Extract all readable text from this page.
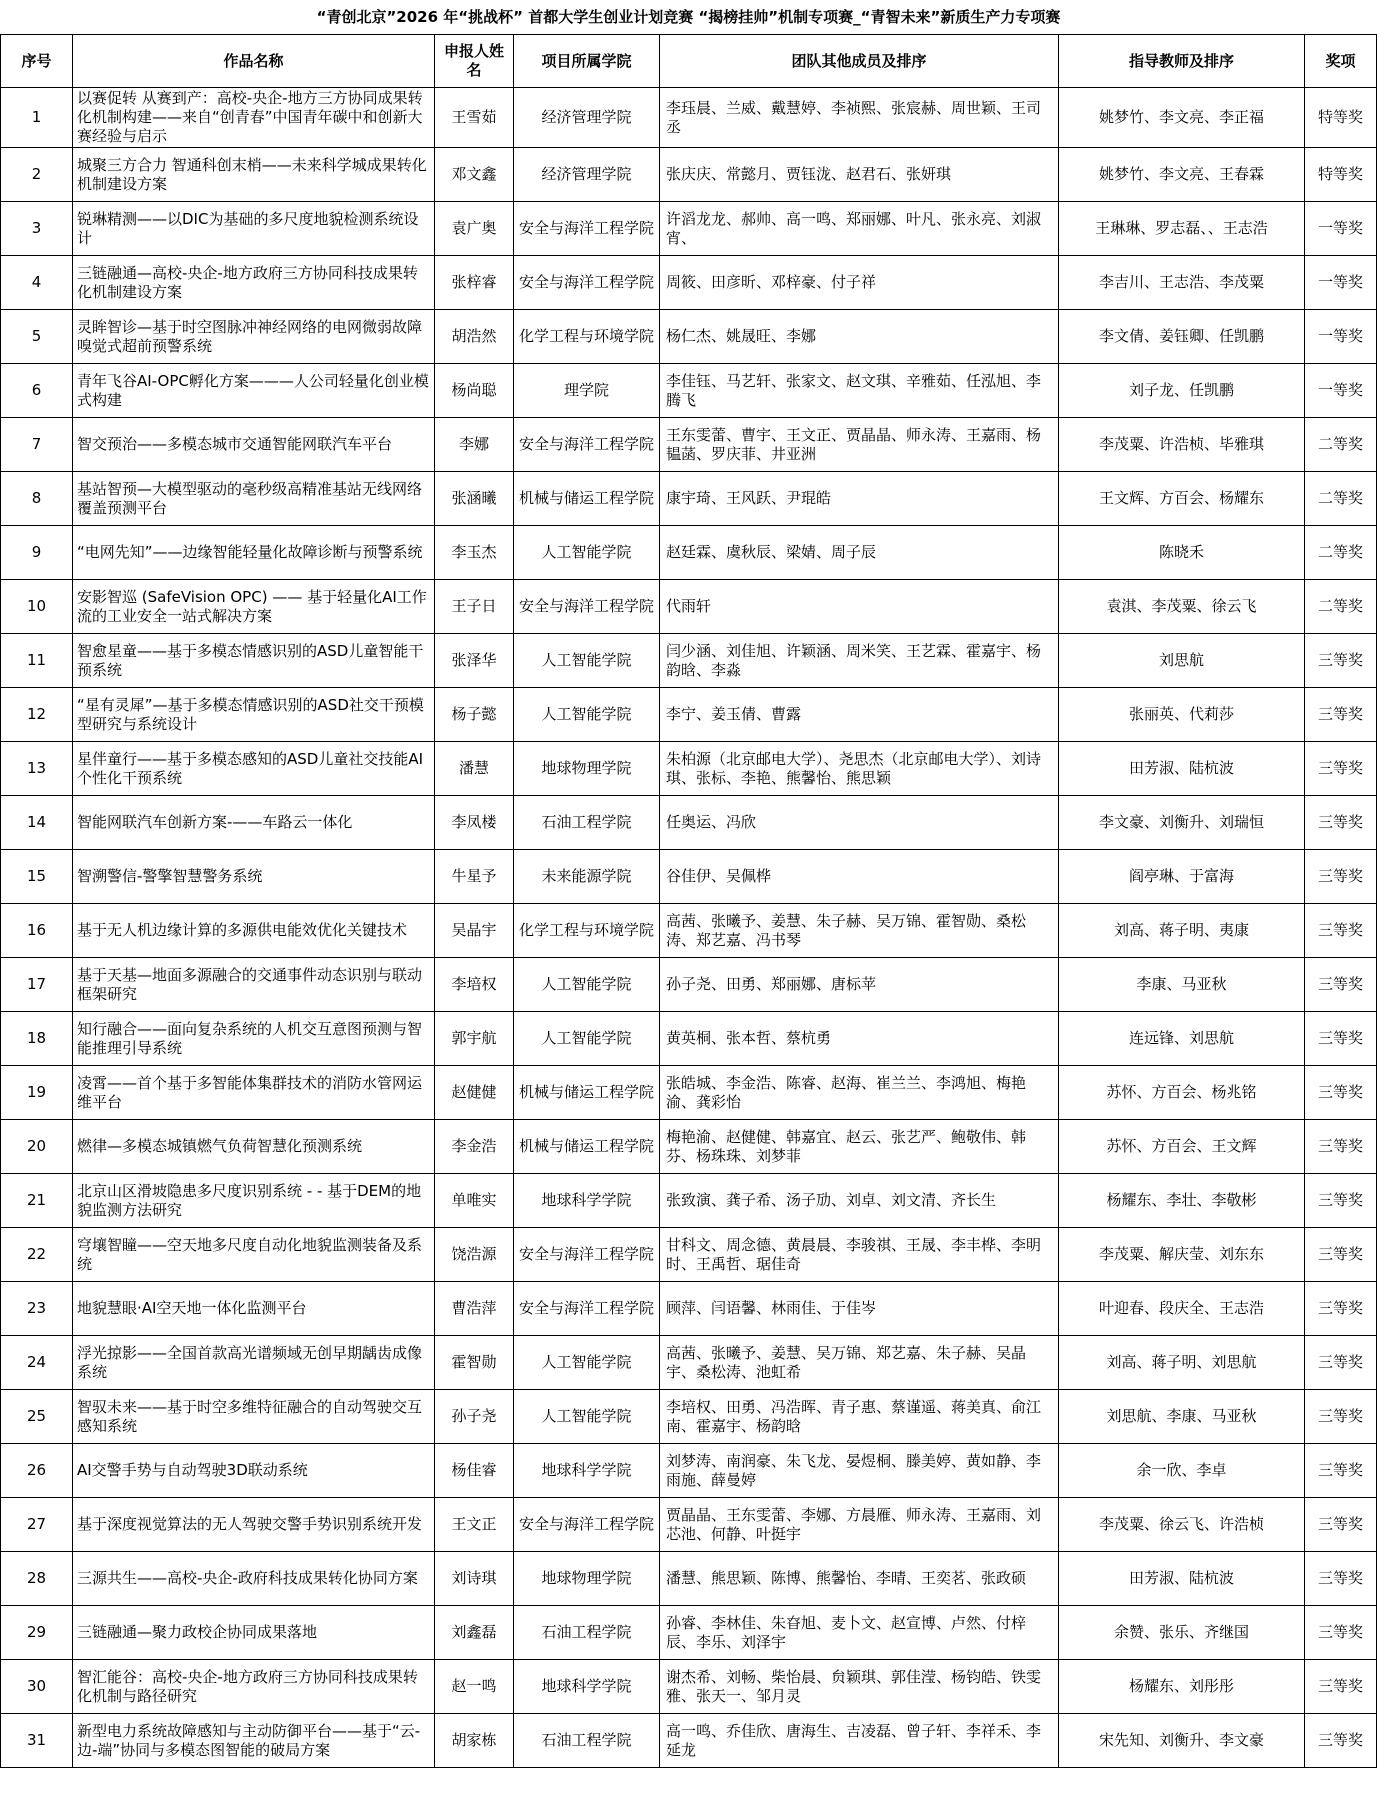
“青创北京”2026 年“挑战杯” 首都大学生创业计划竞赛 “揭榜挂帅”机制专项赛_“青智未来”新质生产力专项赛
序号	作品名称	申报人姓名	项目所属学院	团队其他成员及排序	指导教师及排序	奖项
1	以赛促转 从赛到产：高校-央企-地方三方协同成果转化机制构建——来自“创青春”中国青年碳中和创新大赛经验与启示	王雪茹	经济管理学院	李珏晨、兰威、戴慧婷、李祯熙、张宸赫、周世颖、王司丞	姚梦竹、李文亮、李正福	特等奖
2	城聚三方合力 智通科创末梢——未来科学城成果转化机制建设方案	邓文鑫	经济管理学院	张庆庆、常懿月、贾钰泷、赵君石、张妍琪	姚梦竹、李文亮、王春霖	特等奖
3	锐琳精测——以DIC为基础的多尺度地貌检测系统设计	袁广奥	安全与海洋工程学院	许滔龙龙、郝帅、高一鸣、郑丽娜、叶凡、张永亮、刘淑宵、	王琳琳、罗志磊、、王志浩	一等奖
4	三链融通—高校-央企-地方政府三方协同科技成果转化机制建设方案	张梓睿	安全与海洋工程学院	周筱、田彦昕、邓梓豪、付子祥	李吉川、王志浩、李茂粟	一等奖
5	灵眸智诊—基于时空图脉冲神经网络的电网微弱故障嗅觉式超前预警系统	胡浩然	化学工程与环境学院	杨仁杰、姚晟旺、李娜	李文倩、姜钰卿、任凯鹏	一等奖
6	青年飞谷AI-OPC孵化方案———人公司轻量化创业模式构建	杨尚聪	理学院	李佳钰、马艺轩、张家文、赵文琪、辛雅茹、任泓旭、李腾飞	刘子龙、任凯鹏	一等奖
7	智交预治——多模态城市交通智能网联汽车平台	李娜	安全与海洋工程学院	王东雯蕾、曹宇、王文正、贾晶晶、师永涛、王嘉雨、杨韫菡、罗庆菲、井亚洲	李茂粟、许浩桢、毕雅琪	二等奖
8	基站智预—大模型驱动的毫秒级高精准基站无线网络覆盖预测平台	张涵曦	机械与储运工程学院	康宇琦、王风跃、尹琨皓	王文辉、方百会、杨耀东	二等奖
9	“电网先知”——边缘智能轻量化故障诊断与预警系统	李玉杰	人工智能学院	赵廷霖、虞秋辰、梁婧、周子辰	陈晓禾	二等奖
10	安影智巡 (SafeVision OPC) —— 基于轻量化AI工作流的工业安全一站式解决方案	王子日	安全与海洋工程学院	代雨轩	袁淇、李茂粟、徐云飞	二等奖
11	智愈星童——基于多模态情感识别的ASD儿童智能干预系统	张泽华	人工智能学院	闫少涵、刘佳旭、许颖涵、周米笑、王艺霖、霍嘉宇、杨韵晗、李淼	刘思航	三等奖
12	“星有灵犀”—基于多模态情感识别的ASD社交干预模型研究与系统设计	杨子懿	人工智能学院	李宁、姜玉倩、曹露	张丽英、代莉莎	三等奖
13	星伴童行——基于多模态感知的ASD儿童社交技能AI个性化干预系统	潘慧	地球物理学院	朱柏源（北京邮电大学）、尧思杰（北京邮电大学）、刘诗琪、张标、李艳、熊馨怡、熊思颖	田芳淑、陆杭波	三等奖
14	智能网联汽车创新方案-——车路云一体化	李凤楼	石油工程学院	任奥运、冯欣	李文豪、刘衡升、刘瑞恒	三等奖
15	智溯警信-警擎智慧警务系统	牛星予	未来能源学院	谷佳伊、吴佩桦	阎亭琳、于富海	三等奖
16	基于无人机边缘计算的多源供电能效优化关键技术	吴晶宇	化学工程与环境学院	高茜、张曦予、姜慧、朱子赫、吴万锦、霍智勋、桑松涛、郑艺嘉、冯书琴	刘高、蒋子明、夷康	三等奖
17	基于天基—地面多源融合的交通事件动态识别与联动框架研究	李培权	人工智能学院	孙子尧、田勇、郑丽娜、唐标苹	李康、马亚秋	三等奖
18	知行融合——面向复杂系统的人机交互意图预测与智能推理引导系统	郭宇航	人工智能学院	黄英桐、张本哲、蔡杭勇	连远锋、刘思航	三等奖
19	凌霄——首个基于多智能体集群技术的消防水管网运维平台	赵健健	机械与储运工程学院	张皓城、李金浩、陈睿、赵海、崔兰兰、李鸿旭、梅艳渝、龚彩怡	苏怀、方百会、杨兆铭	三等奖
20	燃律—多模态城镇燃气负荷智慧化预测系统	李金浩	机械与储运工程学院	梅艳渝、赵健健、韩嘉宜、赵云、张艺严、鲍敬伟、韩芬、杨珠珠、刘梦菲	苏怀、方百会、王文辉	三等奖
21	北京山区滑坡隐患多尺度识别系统 - - 基于DEM的地貌监测方法研究	单唯实	地球科学学院	张致演、龚子希、汤子劢、刘卓、刘文清、齐长生	杨耀东、李壮、李敬彬	三等奖
22	穹壤智瞳——空天地多尺度自动化地貌监测装备及系统	饶浩源	安全与海洋工程学院	甘科文、周念德、黄晨晨、李骏祺、王晟、李丰桦、李明时、王禹哲、琚佳奇	李茂粟、解庆莹、刘东东	三等奖
23	地貌慧眼·AI空天地一体化监测平台	曹浩萍	安全与海洋工程学院	顾萍、闫语馨、林雨佳、于佳岑	叶迎春、段庆全、王志浩	三等奖
24	浮光掠影——全国首款高光谱频域无创早期龋齿成像系统	霍智勋	人工智能学院	高茜、张曦予、姜慧、吴万锦、郑艺嘉、朱子赫、吴晶宇、桑松涛、池虹希	刘高、蒋子明、刘思航	三等奖
25	智驭未来——基于时空多维特征融合的自动驾驶交互感知系统	孙子尧	人工智能学院	李培权、田勇、冯浩晖、青子惠、蔡谨遥、蒋美真、俞江南、霍嘉宇、杨韵晗	刘思航、李康、马亚秋	三等奖
26	AI交警手势与自动驾驶3D联动系统	杨佳睿	地球科学学院	刘梦涛、南润豪、朱飞龙、晏煜桐、滕美婷、黄如静、李雨施、薛曼婷	余一欣、李卓	三等奖
27	基于深度视觉算法的无人驾驶交警手势识别系统开发	王文正	安全与海洋工程学院	贾晶晶、王东雯蕾、李娜、方晨雁、师永涛、王嘉雨、刘芯池、何静、叶挺宇	李茂粟、徐云飞、许浩桢	三等奖
28	三源共生——高校-央企-政府科技成果转化协同方案	刘诗琪	地球物理学院	潘慧、熊思颖、陈博、熊馨怡、李晴、王奕茗、张政硕	田芳淑、陆杭波	三等奖
29	三链融通—聚力政校企协同成果落地	刘鑫磊	石油工程学院	孙睿、李林佳、朱昚旭、麦卜文、赵宣博、卢然、付梓辰、李乐、刘泽宇	余赞、张乐、齐继国	三等奖
30	智汇能谷：高校-央企-地方政府三方协同科技成果转化机制与路径研究	赵一鸣	地球科学学院	谢杰希、刘畅、柴怡晨、贠颖琪、郭佳滢、杨钧皓、铁雯雅、张天一、邹月灵	杨耀东、刘彤彤	三等奖
31	新型电力系统故障感知与主动防御平台——基于“云-边-端”协同与多模态图智能的破局方案	胡家栋	石油工程学院	高一鸣、乔佳欣、唐海生、吉凌磊、曾子轩、李祥禾、李延龙	宋先知、刘衡升、李文豪	三等奖
